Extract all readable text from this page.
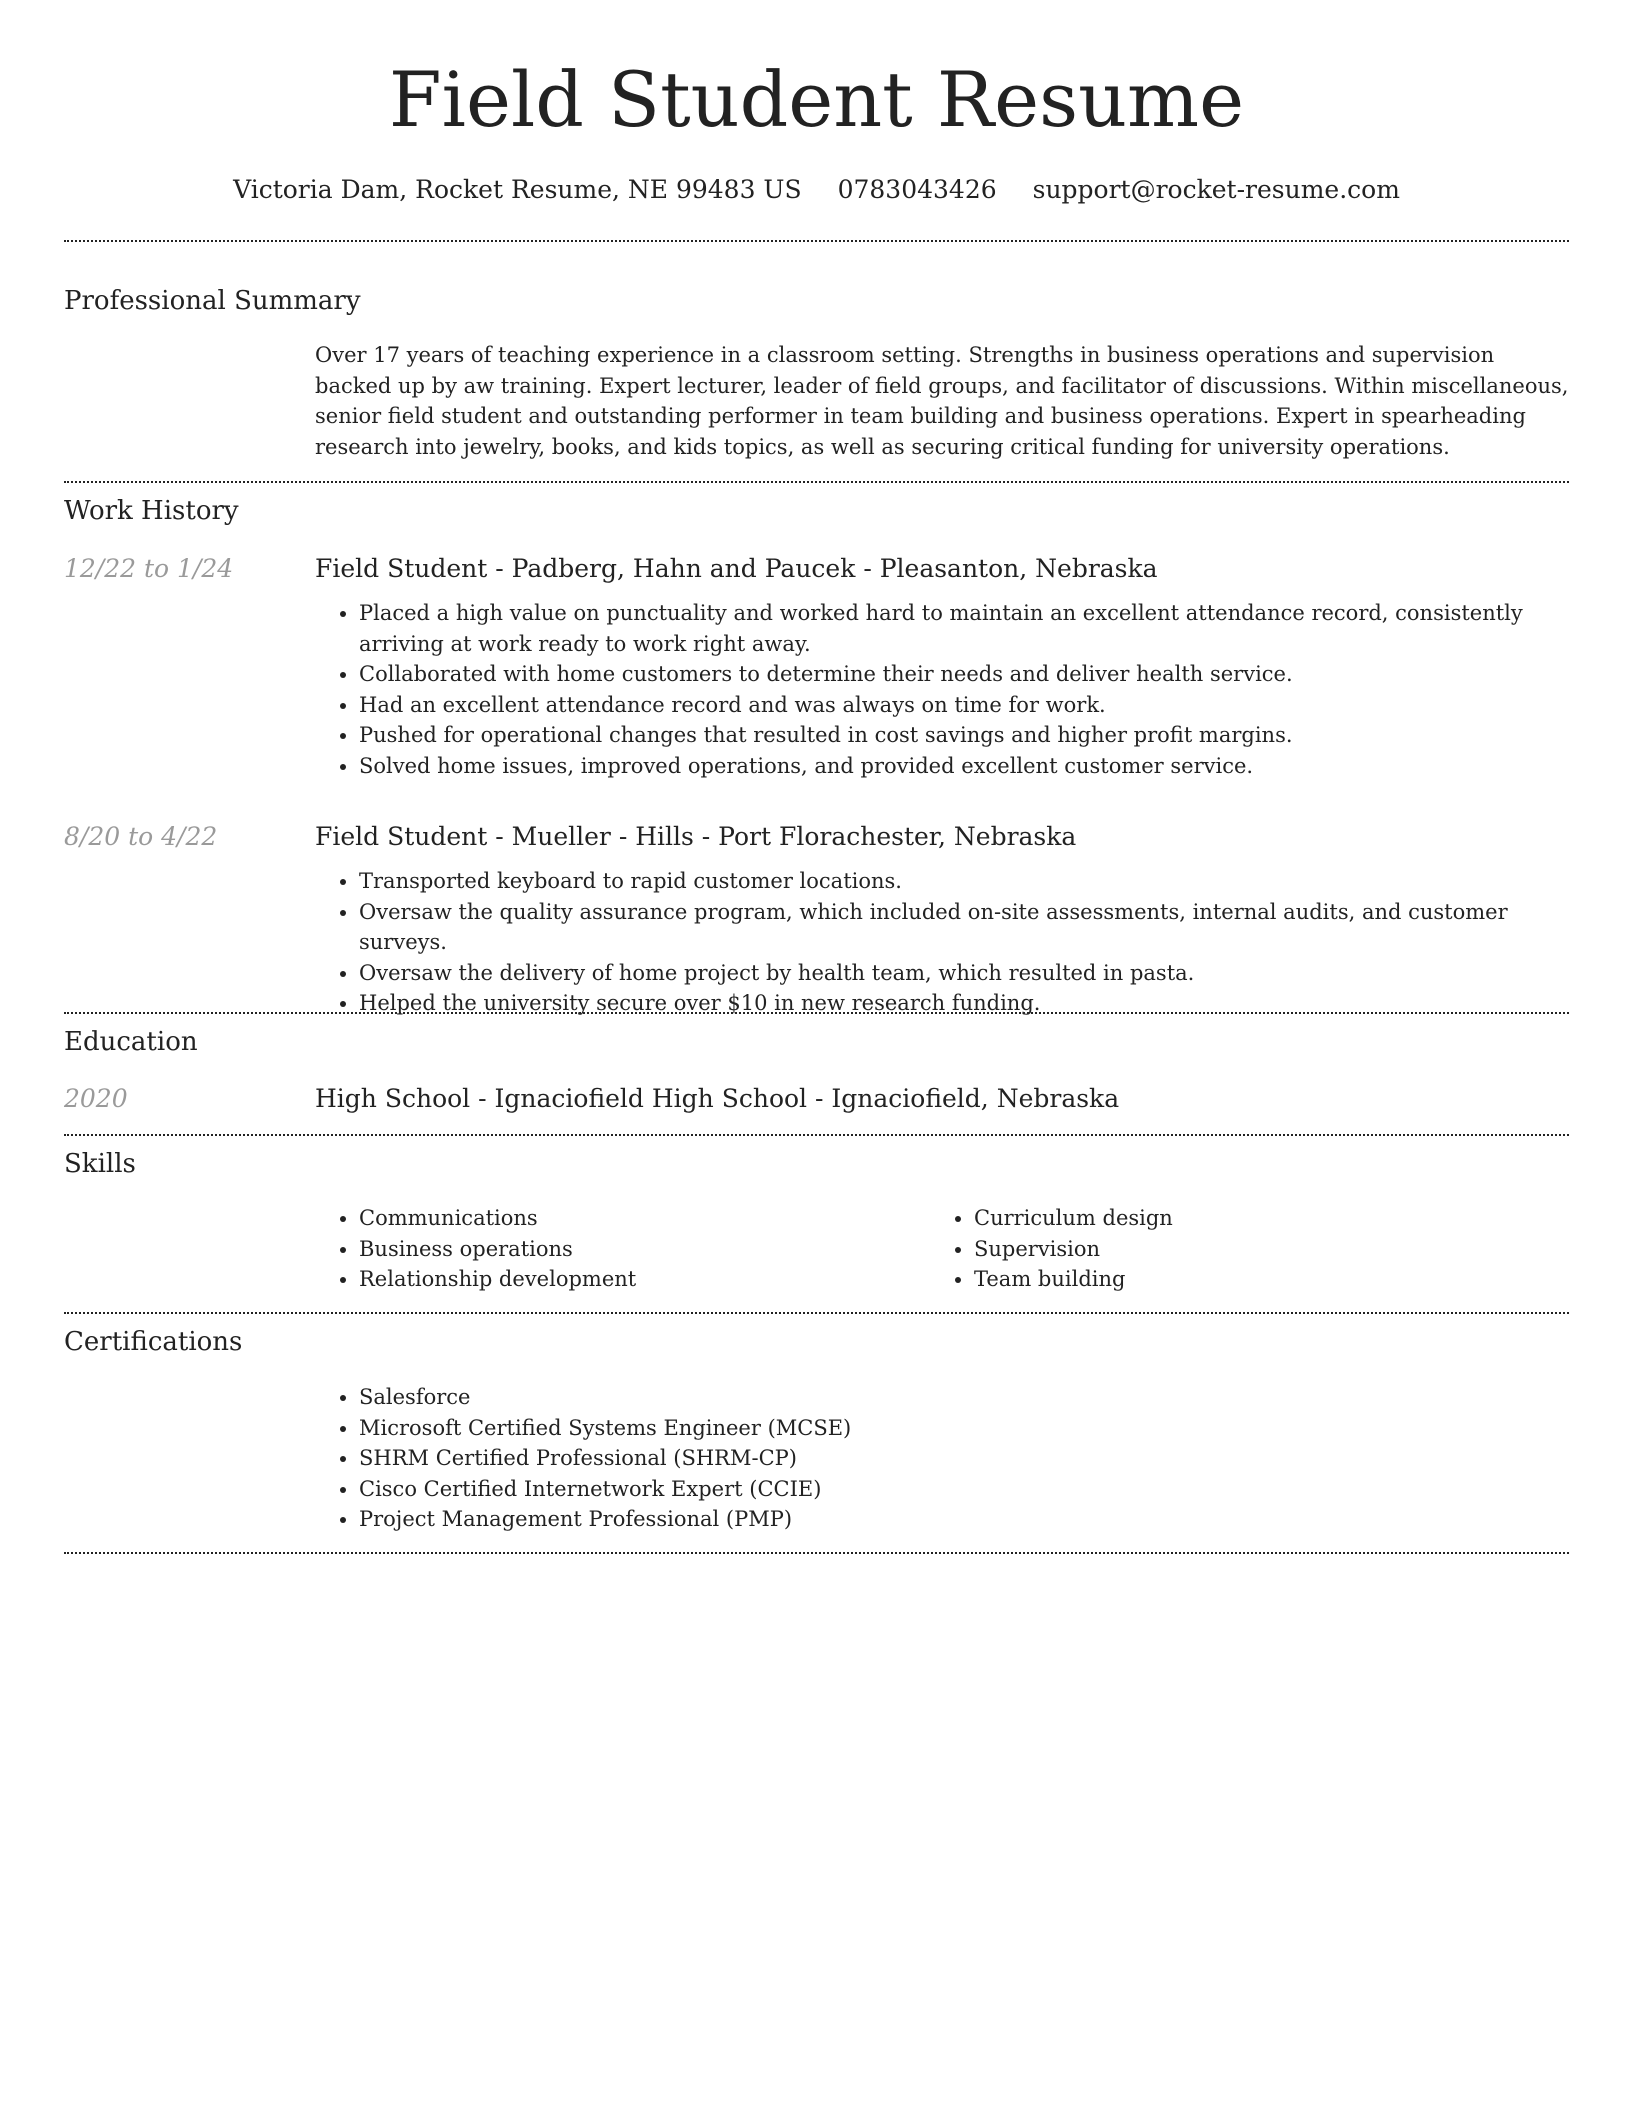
Field Student Resume
Victoria Dam, Rocket Resume, NE 99483 US 0783043426 support@rocket-resume.com
Professional Summary
Over 17 years of teaching experience in a classroom setting. Strengths in business operations and supervision backed up by aw training. Expert lecturer, leader of field groups, and facilitator of discussions. Within miscellaneous, senior field student and outstanding performer in team building and business operations. Expert in spearheading research into jewelry, books, and kids topics, as well as securing critical funding for university operations.
Work History
12/22 to 1/24	Field Student - Padberg, Hahn and Paucek - Pleasanton, Nebraska
• Placed a high value on punctuality and worked hard to maintain an excellent attendance record, consistently arriving at work ready to work right away.
• Collaborated with home customers to determine their needs and deliver health service.
• Had an excellent attendance record and was always on time for work.
• Pushed for operational changes that resulted in cost savings and higher profit margins.
• Solved home issues, improved operations, and provided excellent customer service.
8/20 to 4/22	Field Student - Mueller - Hills - Port Florachester, Nebraska
• Transported keyboard to rapid customer locations.
• Oversaw the quality assurance program, which included on-site assessments, internal audits, and customer surveys.
• Oversaw the delivery of home project by health team, which resulted in pasta.
• Helped the university secure over $10 in new research funding.
Education
2020	High School - Ignaciofield High School - Ignaciofield, Nebraska
Skills
• Communications
• Business operations
• Relationship development
• Curriculum design
• Supervision
• Team building
Certifications
• Salesforce
• Microsoft Certified Systems Engineer (MCSE)
• SHRM Certified Professional (SHRM-CP)
• Cisco Certified Internetwork Expert (CCIE)
• Project Management Professional (PMP)
